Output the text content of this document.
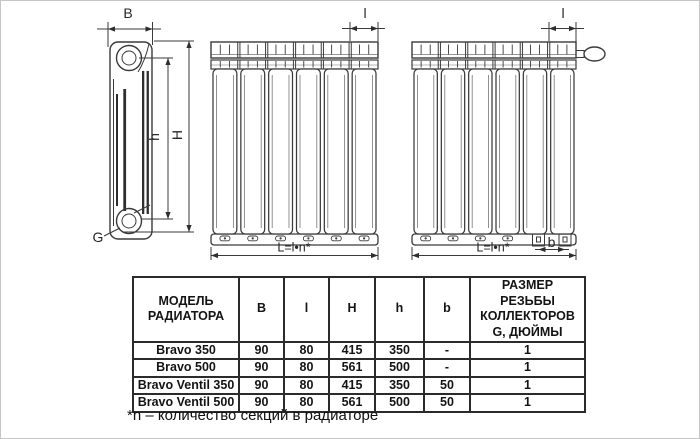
B
h H
G
l
L=l•n*
l
b
L=l•n*
МОДЕЛЬ РАДИАТОРА	B	l	H	h	b	РАЗМЕР РЕЗЬБЫ КОЛЛЕКТОРОВ G, ДЮЙМЫ
Bravo 350	90	80	415	350	-	1
Bravo 500	90	80	561	500	-	1
Bravo Ventil 350	90	80	415	350	50	1
Bravo Ventil 500	90	80	561	500	50	1
*n – количество секций в радиаторе
